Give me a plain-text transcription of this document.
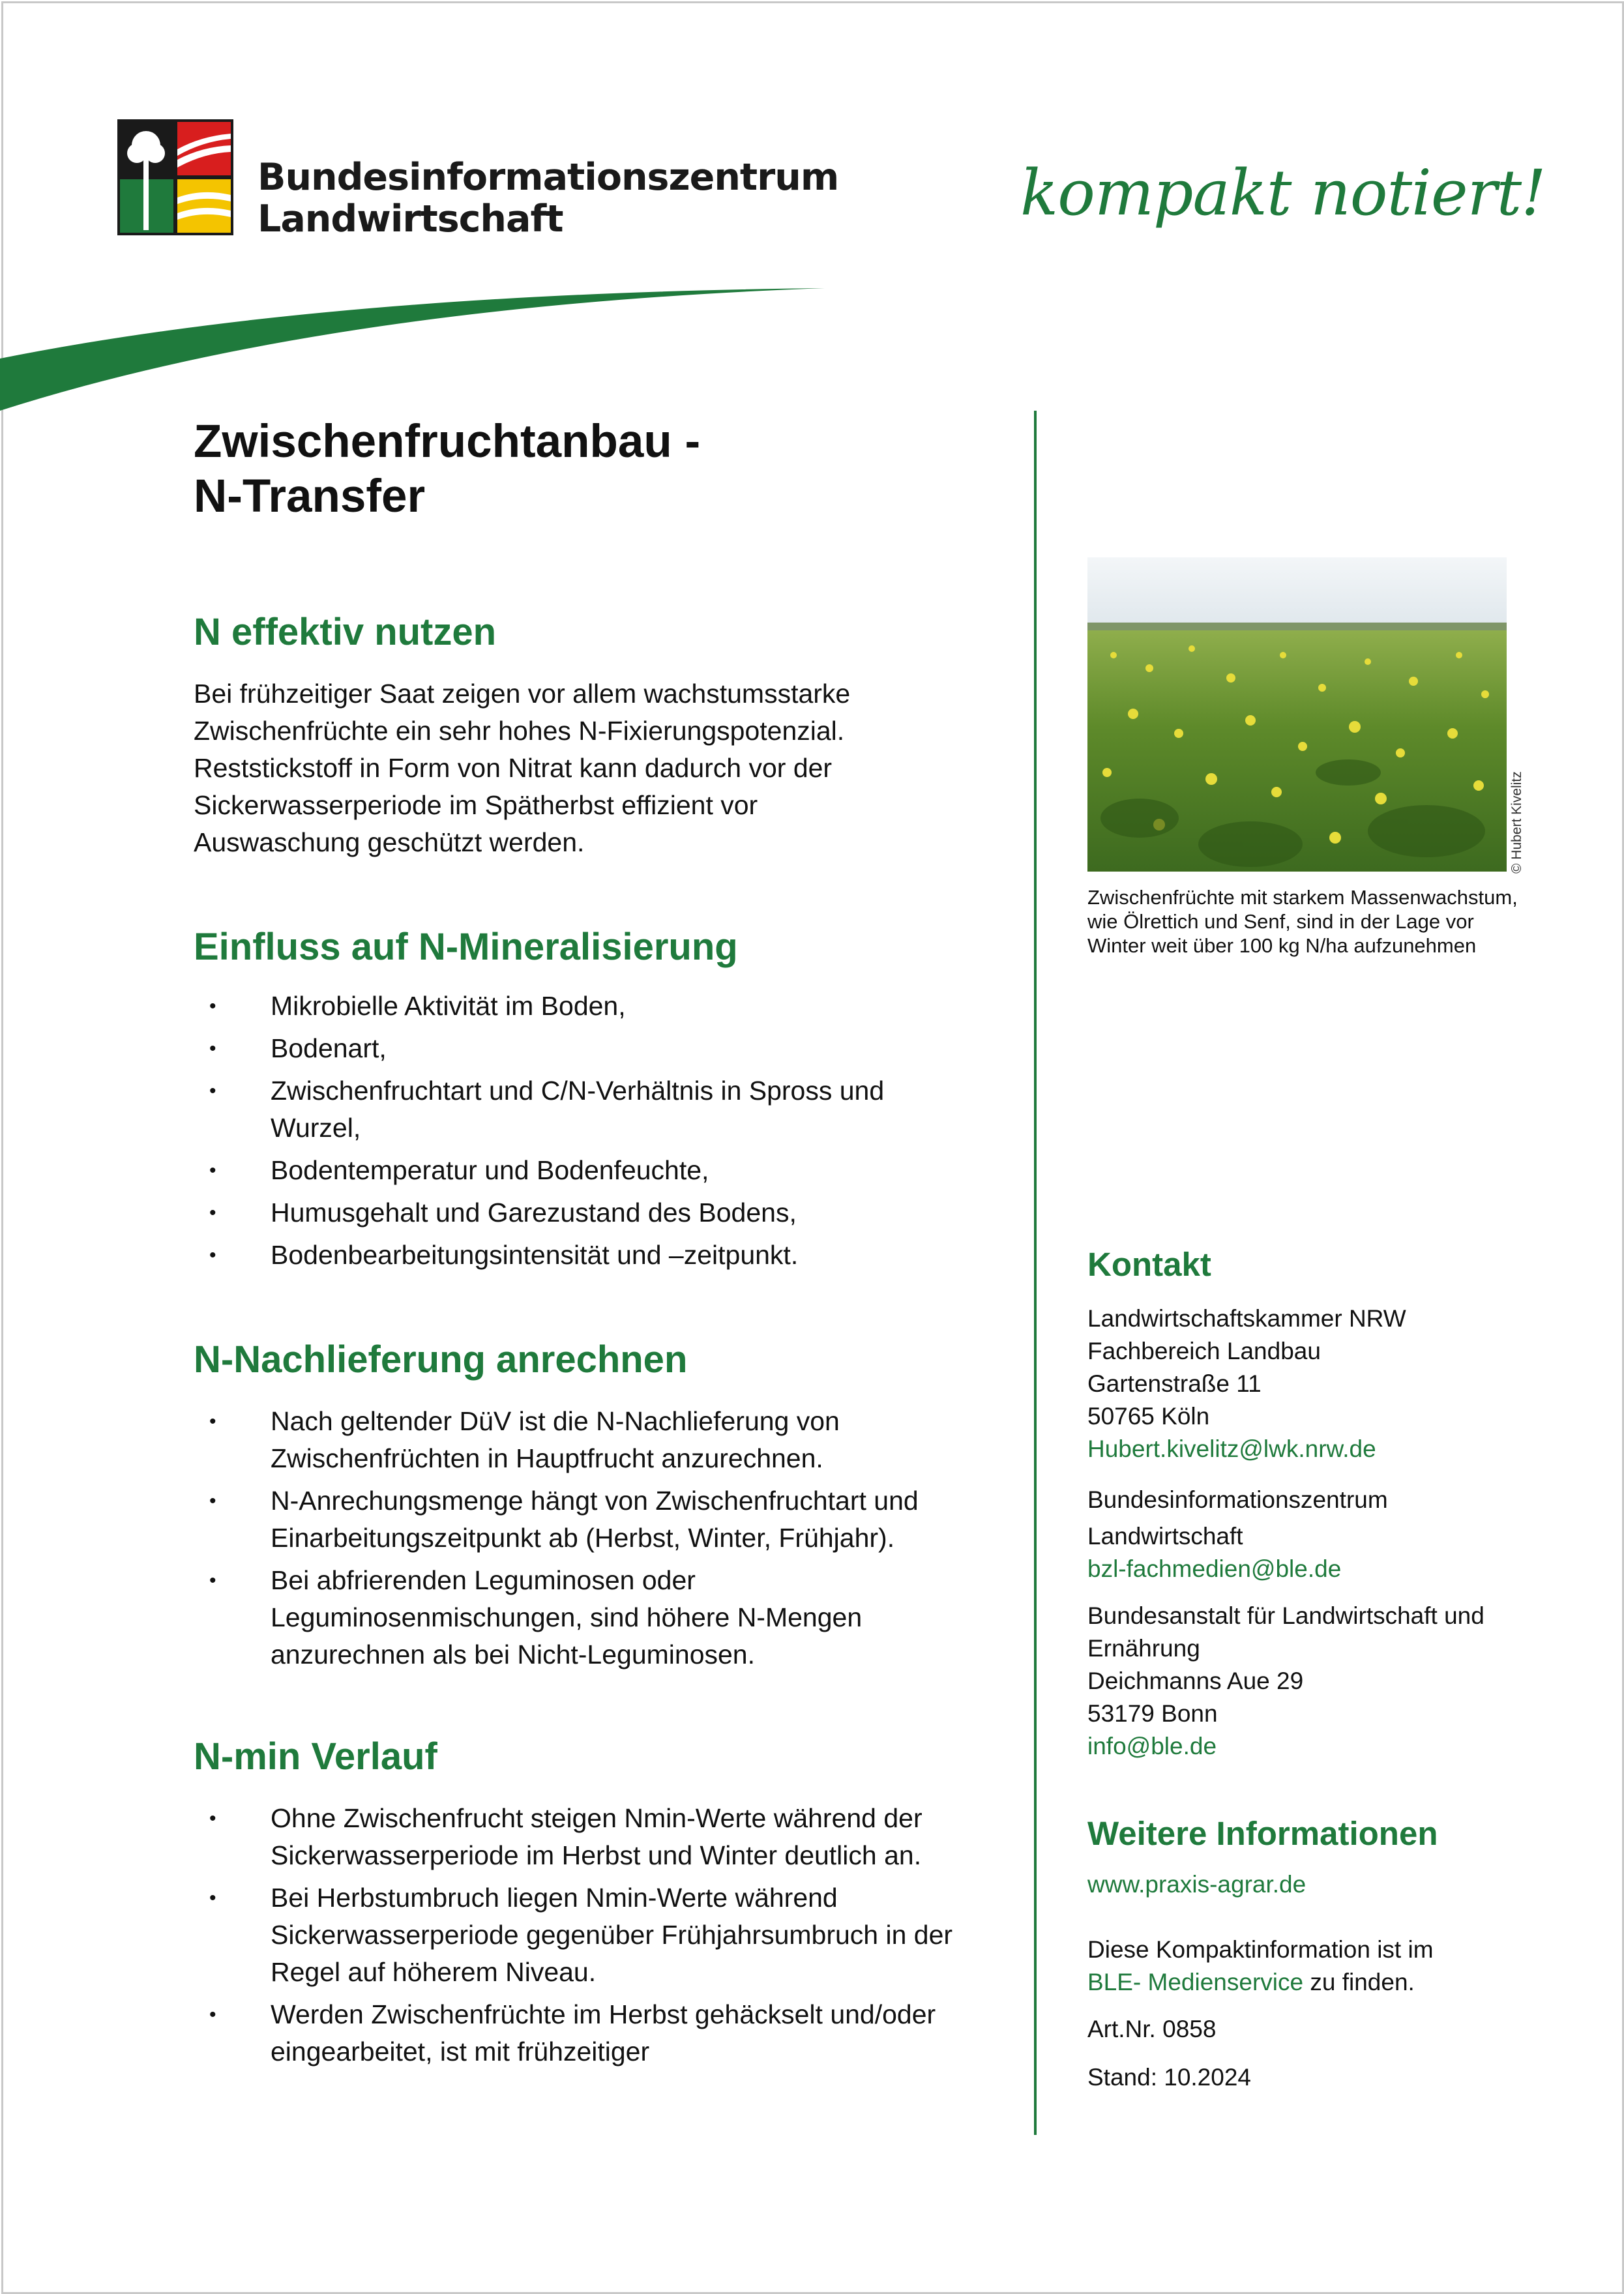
Bundesinformationszentrum
Landwirtschaft	kompakt notiert!
Zwischenfruchtanbau -
N-Transfer
N effektiv nutzen

Bei frühzeitiger Saat zeigen vor allem wachstumsstarke

Zwischenfrüchte ein sehr hohes N-Fixierungspotenzial.

Reststickstoff in Form von Nitrat kann dadurch vor der

Sickerwasserperiode im Spätherbst effizient vor

Auswaschung geschützt werden.

Einfluss auf N-Mineralisierung
• Mikrobielle Aktivität im Boden,
• Bodenart,
• Zwischenfruchtart und C/N-Verhältnis in Spross und Wurzel,
• Bodentemperatur und Bodenfeuchte,
• Humusgehalt und Garezustand des Bodens,
• Bodenbearbeitungsintensität und –zeitpunkt.
N-Nachlieferung anrechnen
• Nach geltender DüV ist die N-Nachlieferung von Zwischenfrüchten in Hauptfrucht anzurechnen.
• N-Anrechungsmenge hängt von Zwischenfruchtart und Einarbeitungszeitpunkt ab (Herbst, Winter, Frühjahr).
• Bei abfrierenden Leguminosen oder Leguminosenmischungen, sind höhere N-Mengen anzurechnen als bei Nicht-Leguminosen.
N-min Verlauf
• Ohne Zwischenfrucht steigen Nmin-Werte während der Sickerwasserperiode im Herbst und Winter deutlich an.
• Bei Herbstumbruch liegen Nmin-Werte während Sickerwasserperiode gegenüber Frühjahrsumbruch in der Regel auf höherem Niveau.
• Werden Zwischenfrüchte im Herbst gehäckselt und/oder eingearbeitet, ist mit frühzeitiger
© Hubert Kivelitz
Zwischenfrüchte mit starkem Massenwachstum, wie Ölrettich und Senf, sind in der Lage vor Winter weit über 100 kg N/ha aufzunehmen
Kontakt
Landwirtschaftskammer NRW
Fachbereich Landbau
Gartenstraße 11
50765 Köln
Hubert.kivelitz@lwk.nrw.de
Bundesinformationszentrum
Landwirtschaft
bzl-fachmedien@ble.de
Bundesanstalt für Landwirtschaft und
Ernährung
Deichmanns Aue 29
53179 Bonn
info@ble.de
Weitere Informationen
www.praxis-agrar.de
Diese Kompaktinformation ist im
BLE- Medienservice zu finden.
Art.Nr. 0858
Stand: 10.2024
